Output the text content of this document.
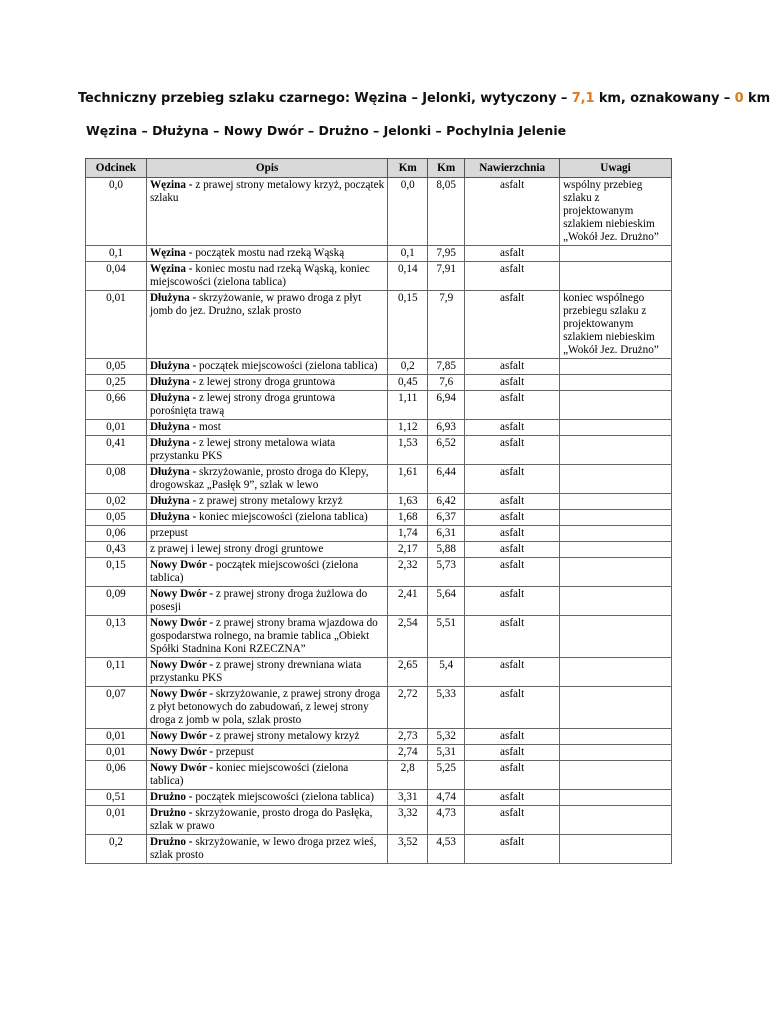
Techniczny przebieg szlaku czarnego: Węzina – Jelonki, wytyczony – 7,1 km, oznakowany – 0 km
Węzina – Dłużyna – Nowy Dwór – Drużno – Jelonki – Pochylnia Jelenie
Odcinek	Opis	Km	Km	Nawierzchnia	Uwagi
0,0	Węzina - z prawej strony metalowy krzyż, początek szlaku	0,0	8,05	asfalt	wspólny przebieg szlaku z projektowanym szlakiem niebieskim „Wokół Jez. Drużno”
0,1	Węzina - początek mostu nad rzeką Wąską	0,1	7,95	asfalt	
0,04	Węzina - koniec mostu nad rzeką Wąską, koniec miejscowości (zielona tablica)	0,14	7,91	asfalt	
0,01	Dłużyna - skrzyżowanie, w prawo droga z płyt jomb do jez. Drużno, szlak prosto	0,15	7,9	asfalt	koniec wspólnego przebiegu szlaku z projektowanym szlakiem niebieskim „Wokół Jez. Drużno”
0,05	Dłużyna - początek miejscowości (zielona tablica)	0,2	7,85	asfalt	
0,25	Dłużyna - z lewej strony droga gruntowa	0,45	7,6	asfalt	
0,66	Dłużyna - z lewej strony droga gruntowa porośnięta trawą	1,11	6,94	asfalt	
0,01	Dłużyna - most	1,12	6,93	asfalt	
0,41	Dłużyna - z lewej strony metalowa wiata przystanku PKS	1,53	6,52	asfalt	
0,08	Dłużyna - skrzyżowanie, prosto droga do Klepy, drogowskaz „Pasłęk 9”, szlak w lewo	1,61	6,44	asfalt	
0,02	Dłużyna - z prawej strony metalowy krzyż	1,63	6,42	asfalt	
0,05	Dłużyna - koniec miejscowości (zielona tablica)	1,68	6,37	asfalt	
0,06	przepust	1,74	6,31	asfalt	
0,43	z prawej i lewej strony drogi gruntowe	2,17	5,88	asfalt	
0,15	Nowy Dwór - początek miejscowości (zielona tablica)	2,32	5,73	asfalt	
0,09	Nowy Dwór - z prawej strony droga żużlowa do posesji	2,41	5,64	asfalt	
0,13	Nowy Dwór - z prawej strony brama wjazdowa do gospodarstwa rolnego, na bramie tablica „Obiekt Spółki Stadnina Koni RZECZNA”	2,54	5,51	asfalt	
0,11	Nowy Dwór - z prawej strony drewniana wiata przystanku PKS	2,65	5,4	asfalt	
0,07	Nowy Dwór - skrzyżowanie, z prawej strony droga z płyt betonowych do zabudowań, z lewej strony droga z jomb w pola, szlak prosto	2,72	5,33	asfalt	
0,01	Nowy Dwór - z prawej strony metalowy krzyż	2,73	5,32	asfalt	
0,01	Nowy Dwór - przepust	2,74	5,31	asfalt	
0,06	Nowy Dwór - koniec miejscowości (zielona tablica)	2,8	5,25	asfalt	
0,51	Drużno - początek miejscowości (zielona tablica)	3,31	4,74	asfalt	
0,01	Drużno - skrzyżowanie, prosto droga do Pasłęka, szlak w prawo	3,32	4,73	asfalt	
0,2	Drużno - skrzyżowanie, w lewo droga przez wieś, szlak prosto	3,52	4,53	asfalt	
